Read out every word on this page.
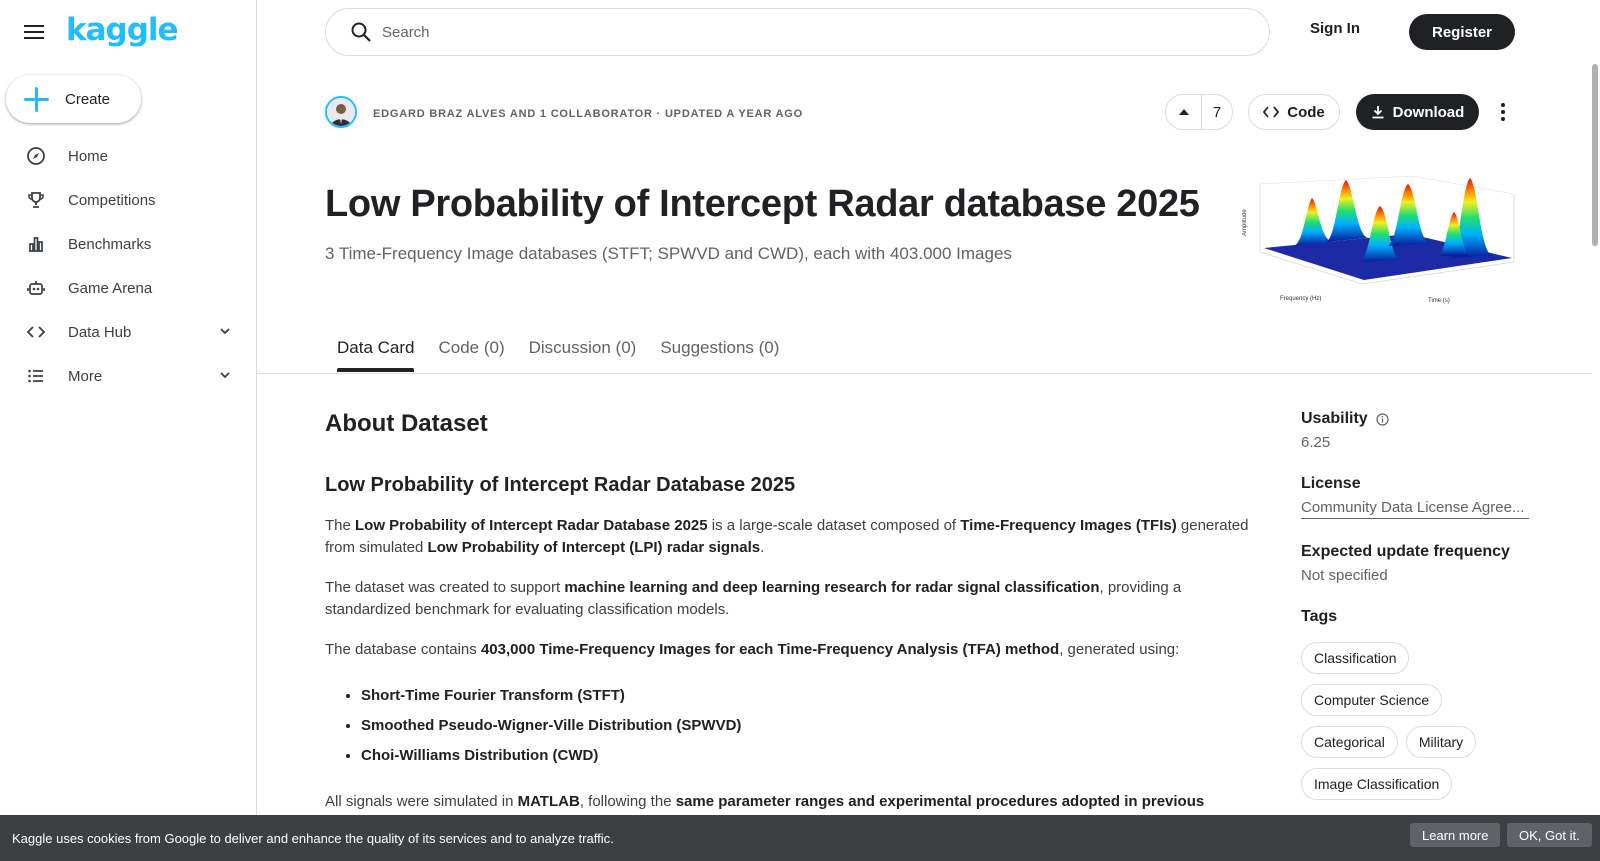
kaggle
Create
Home
Competitions
Benchmarks
Game Arena
Data Hub
More
Search
Sign In	Register
EDGARD BRAZ ALVES AND 1 COLLABORATOR · UPDATED A YEAR AGO	7	Code	Download
Low Probability of Intercept Radar database 2025
3 Time-Frequency Image databases (STFT; SPWVD and CWD), each with 403.000 Images
Amplitude
Frequency (Hz)	Time (s)
Data Card	Code (0)	Discussion (0)	Suggestions (0)
About Dataset
Low Probability of Intercept Radar Database 2025

The Low Probability of Intercept Radar Database 2025 is a large-scale dataset composed of Time-Frequency Images (TFIs) generated from simulated Low Probability of Intercept (LPI) radar signals.

The dataset was created to support machine learning and deep learning research for radar signal classification, providing a standardized benchmark for evaluating classification models.

The database contains 403,000 Time-Frequency Images for each Time-Frequency Analysis (TFA) method, generated using:

• Short-Time Fourier Transform (STFT)
• Smoothed Pseudo-Wigner-Ville Distribution (SPWVD)
• Choi-Williams Distribution (CWD)

All signals were simulated in MATLAB, following the same parameter ranges and experimental procedures adopted in previous

Usability
6.25
License
Community Data License Agree...
Expected update frequency
Not specified
Tags
Classification
Computer Science
Categorical	Military
Image Classification
Kaggle uses cookies from Google to deliver and enhance the quality of its services and to analyze traffic.	Learn more	OK, Got it.
